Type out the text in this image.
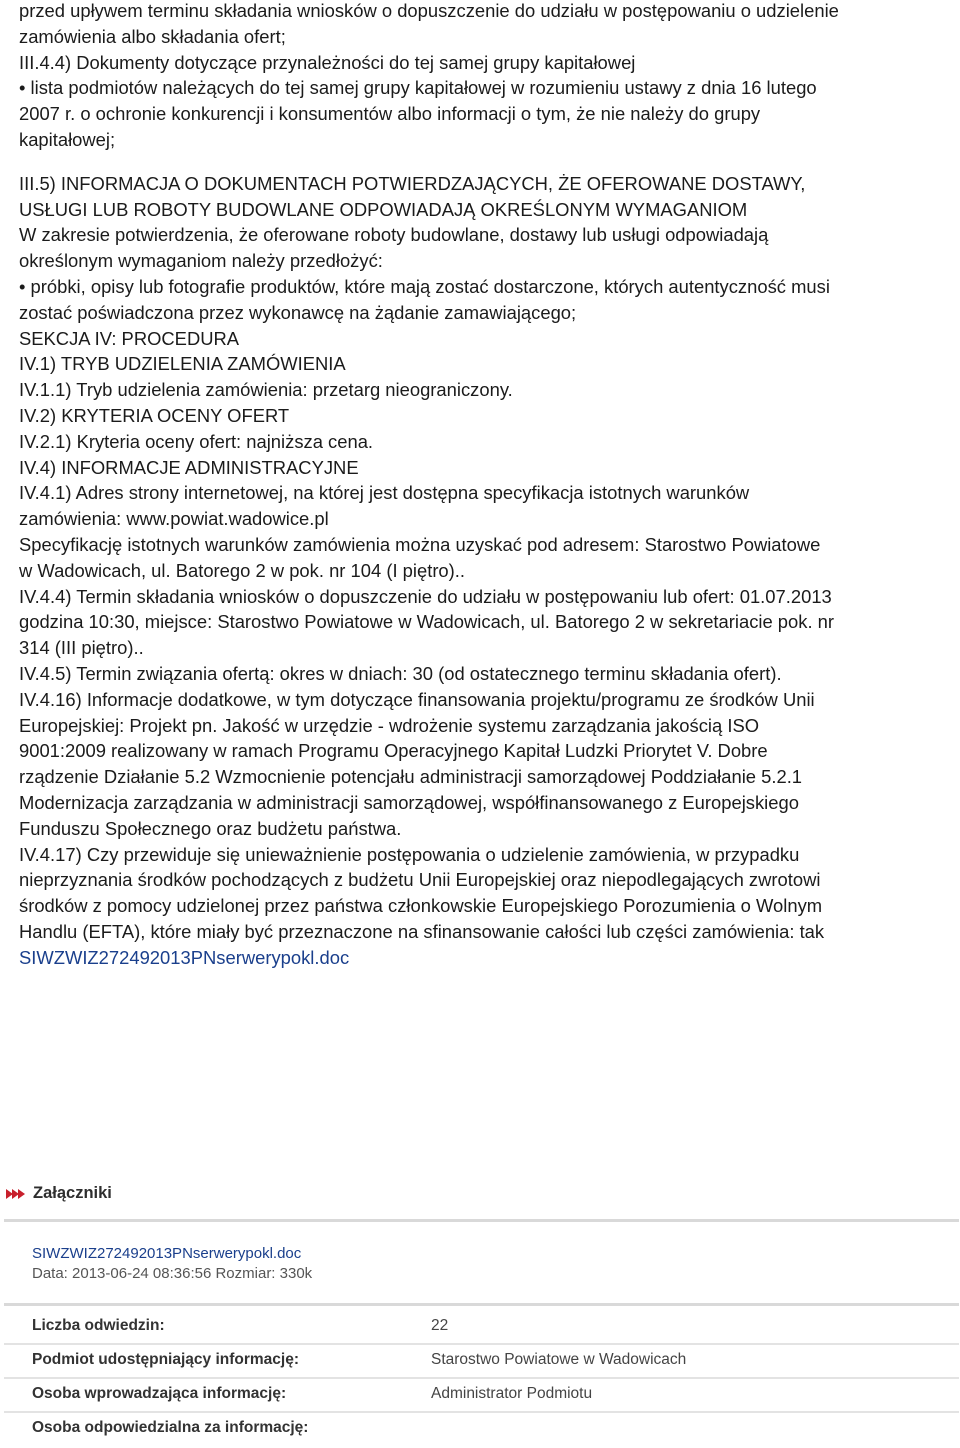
przed upływem terminu składania wniosków o dopuszczenie do udziału w postępowaniu o udzielenie
zamówienia albo składania ofert;
III.4.4) Dokumenty dotyczące przynależności do tej samej grupy kapitałowej
• lista podmiotów należących do tej samej grupy kapitałowej w rozumieniu ustawy z dnia 16 lutego
2007 r. o ochronie konkurencji i konsumentów albo informacji o tym, że nie należy do grupy
kapitałowej;
III.5) INFORMACJA O DOKUMENTACH POTWIERDZAJĄCYCH, ŻE OFEROWANE DOSTAWY,
USŁUGI LUB ROBOTY BUDOWLANE ODPOWIADAJĄ OKREŚLONYM WYMAGANIOM
W zakresie potwierdzenia, że oferowane roboty budowlane, dostawy lub usługi odpowiadają
określonym wymaganiom należy przedłożyć:
• próbki, opisy lub fotografie produktów, które mają zostać dostarczone, których autentyczność musi
zostać poświadczona przez wykonawcę na żądanie zamawiającego;
SEKCJA IV: PROCEDURA
IV.1) TRYB UDZIELENIA ZAMÓWIENIA
IV.1.1) Tryb udzielenia zamówienia: przetarg nieograniczony.
IV.2) KRYTERIA OCENY OFERT
IV.2.1) Kryteria oceny ofert: najniższa cena.
IV.4) INFORMACJE ADMINISTRACYJNE
IV.4.1) Adres strony internetowej, na której jest dostępna specyfikacja istotnych warunków
zamówienia: www.powiat.wadowice.pl
Specyfikację istotnych warunków zamówienia można uzyskać pod adresem: Starostwo Powiatowe
w Wadowicach, ul. Batorego 2 w pok. nr 104 (I piętro)..
IV.4.4) Termin składania wniosków o dopuszczenie do udziału w postępowaniu lub ofert: 01.07.2013
godzina 10:30, miejsce: Starostwo Powiatowe w Wadowicach, ul. Batorego 2 w sekretariacie pok. nr
314 (III piętro)..
IV.4.5) Termin związania ofertą: okres w dniach: 30 (od ostatecznego terminu składania ofert).
IV.4.16) Informacje dodatkowe, w tym dotyczące finansowania projektu/programu ze środków Unii
Europejskiej: Projekt pn. Jakość w urzędzie - wdrożenie systemu zarządzania jakością ISO
9001:2009 realizowany w ramach Programu Operacyjnego Kapitał Ludzki Priorytet V. Dobre
rządzenie Działanie 5.2 Wzmocnienie potencjału administracji samorządowej Poddziałanie 5.2.1
Modernizacja zarządzania w administracji samorządowej, współfinansowanego z Europejskiego
Funduszu Społecznego oraz budżetu państwa.
IV.4.17) Czy przewiduje się unieważnienie postępowania o udzielenie zamówienia, w przypadku
nieprzyznania środków pochodzących z budżetu Unii Europejskiej oraz niepodlegających zwrotowi
środków z pomocy udzielonej przez państwa członkowskie Europejskiego Porozumienia o Wolnym
Handlu (EFTA), które miały być przeznaczone na sfinansowanie całości lub części zamówienia: tak
SIWZWIZ272492013PNserwerypokl.doc
Załączniki
SIWZWIZ272492013PNserwerypokl.doc
Data: 2013-06-24 08:36:56 Rozmiar: 330k
Liczba odwiedzin:	22
Podmiot udostępniający informację:	Starostwo Powiatowe w Wadowicach
Osoba wprowadzająca informację:	Administrator Podmiotu
Osoba odpowiedzialna za informację:
